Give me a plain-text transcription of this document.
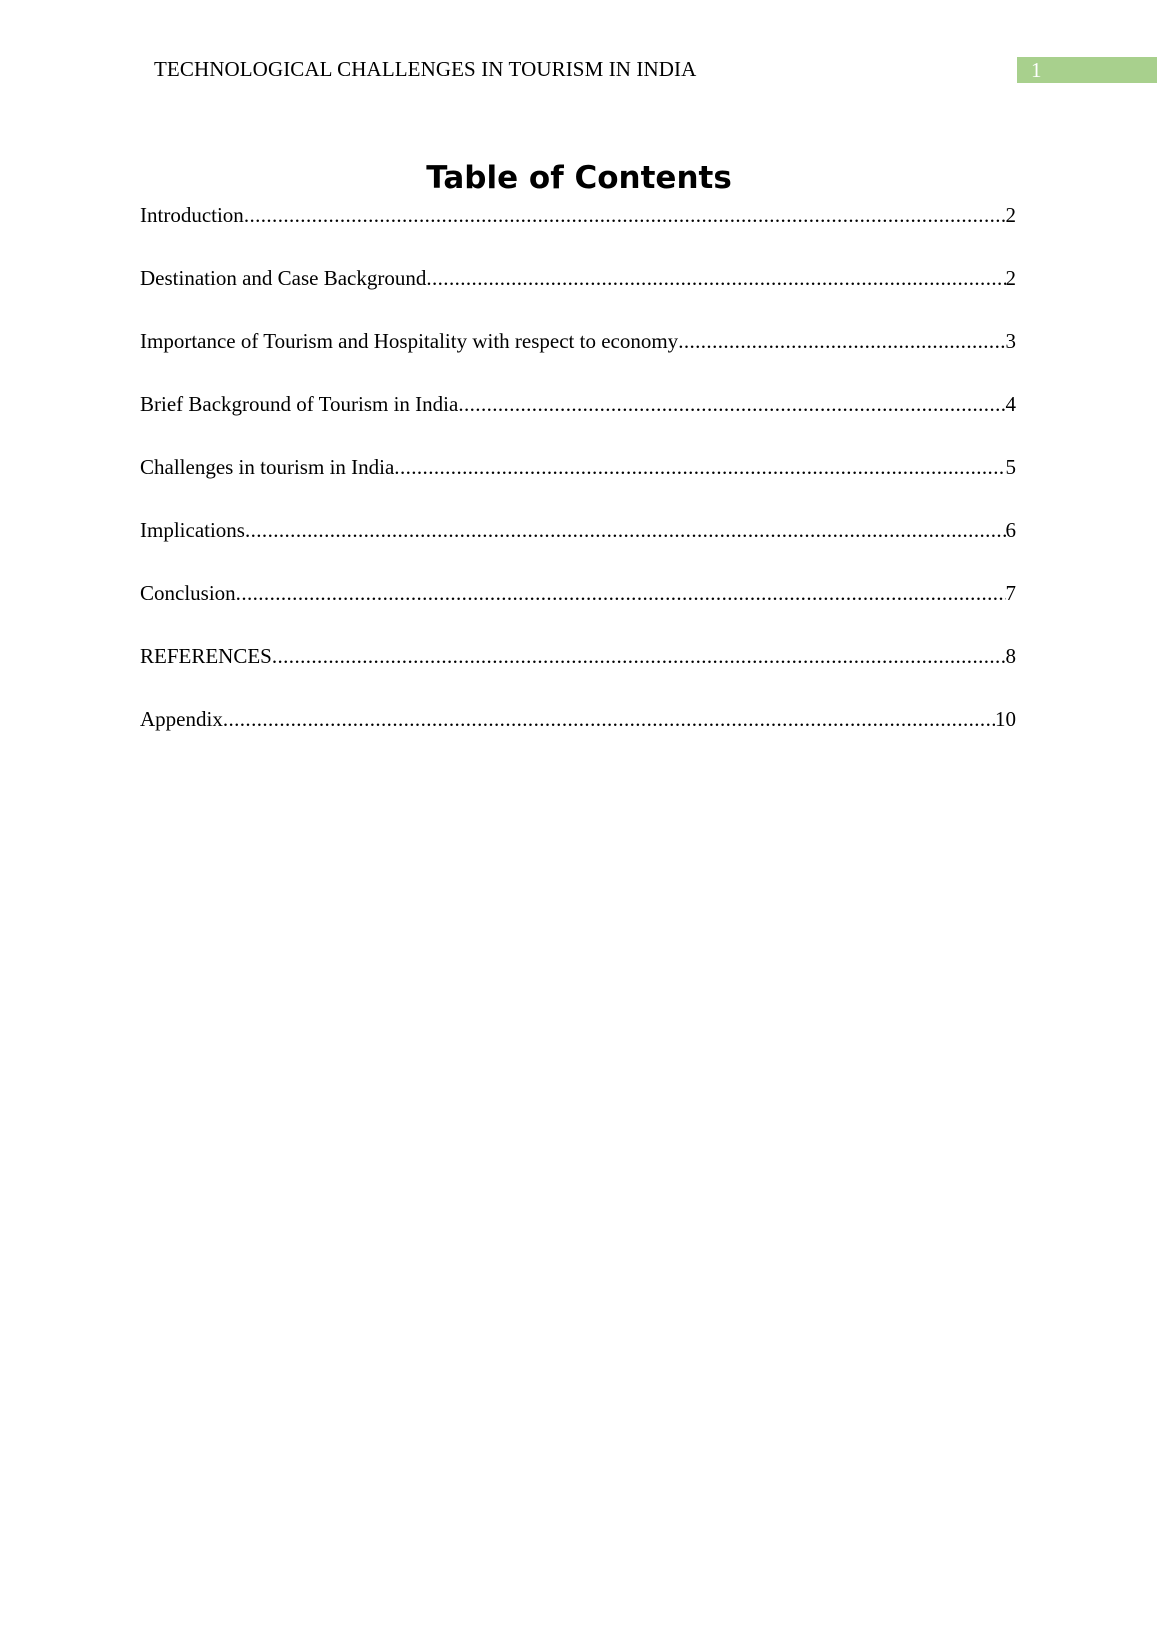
TECHNOLOGICAL CHALLENGES IN TOURISM IN INDIA	1
Table of Contents
Introduction .....	2
Destination and Case Background .....	2
Importance of Tourism and Hospitality with respect to economy .....	3
Brief Background of Tourism in India .....	4
Challenges in tourism in India .....	5
Implications .....	6
Conclusion .....	7
REFERENCES .....	8
Appendix .....	10
